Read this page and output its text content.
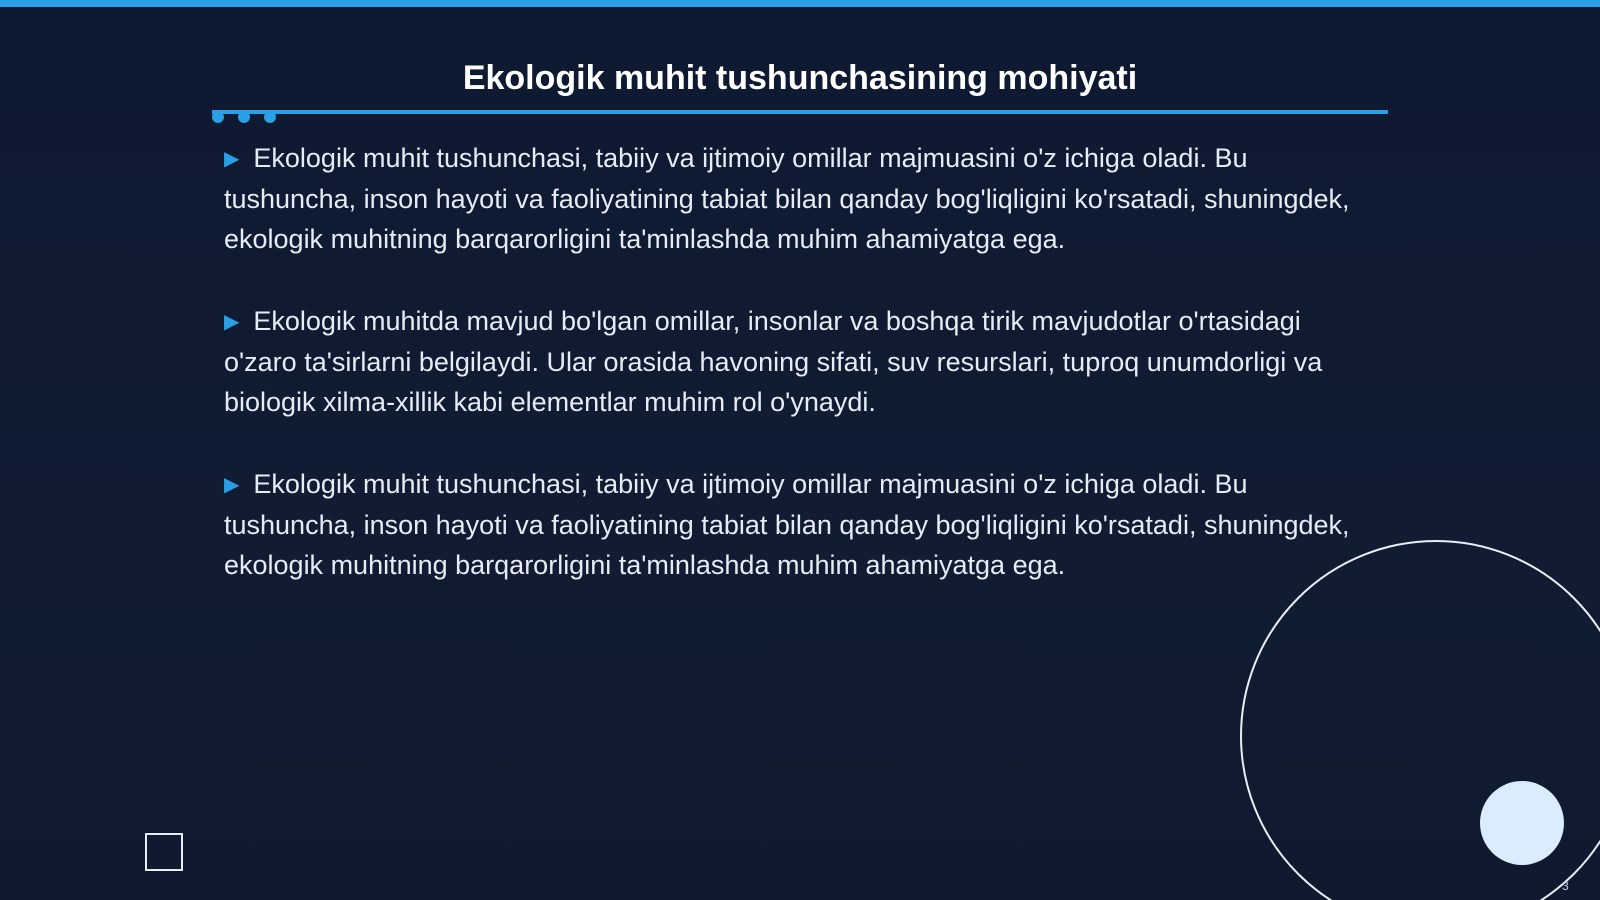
Ekologik muhit tushunchasining mohiyati

▶ Ekologik muhit tushunchasi, tabiiy va ijtimoiy omillar majmuasini o'z ichiga oladi. Bu tushuncha, inson hayoti va faoliyatining tabiat bilan qanday bog'liqligini ko'rsatadi, shuningdek, ekologik muhitning barqarorligini ta'minlashda muhim ahamiyatga ega.

▶ Ekologik muhitda mavjud bo'lgan omillar, insonlar va boshqa tirik mavjudotlar o'rtasidagi o'zaro ta'sirlarni belgilaydi. Ular orasida havoning sifati, suv resurslari, tuproq unumdorligi va biologik xilma-xillik kabi elementlar muhim rol o'ynaydi.

▶ Ekologik muhit tushunchasi, tabiiy va ijtimoiy omillar majmuasini o'z ichiga oladi. Bu tushuncha, inson hayoti va faoliyatining tabiat bilan qanday bog'liqligini ko'rsatadi, shuningdek, ekologik muhitning barqarorligini ta'minlashda muhim ahamiyatga ega.

3
